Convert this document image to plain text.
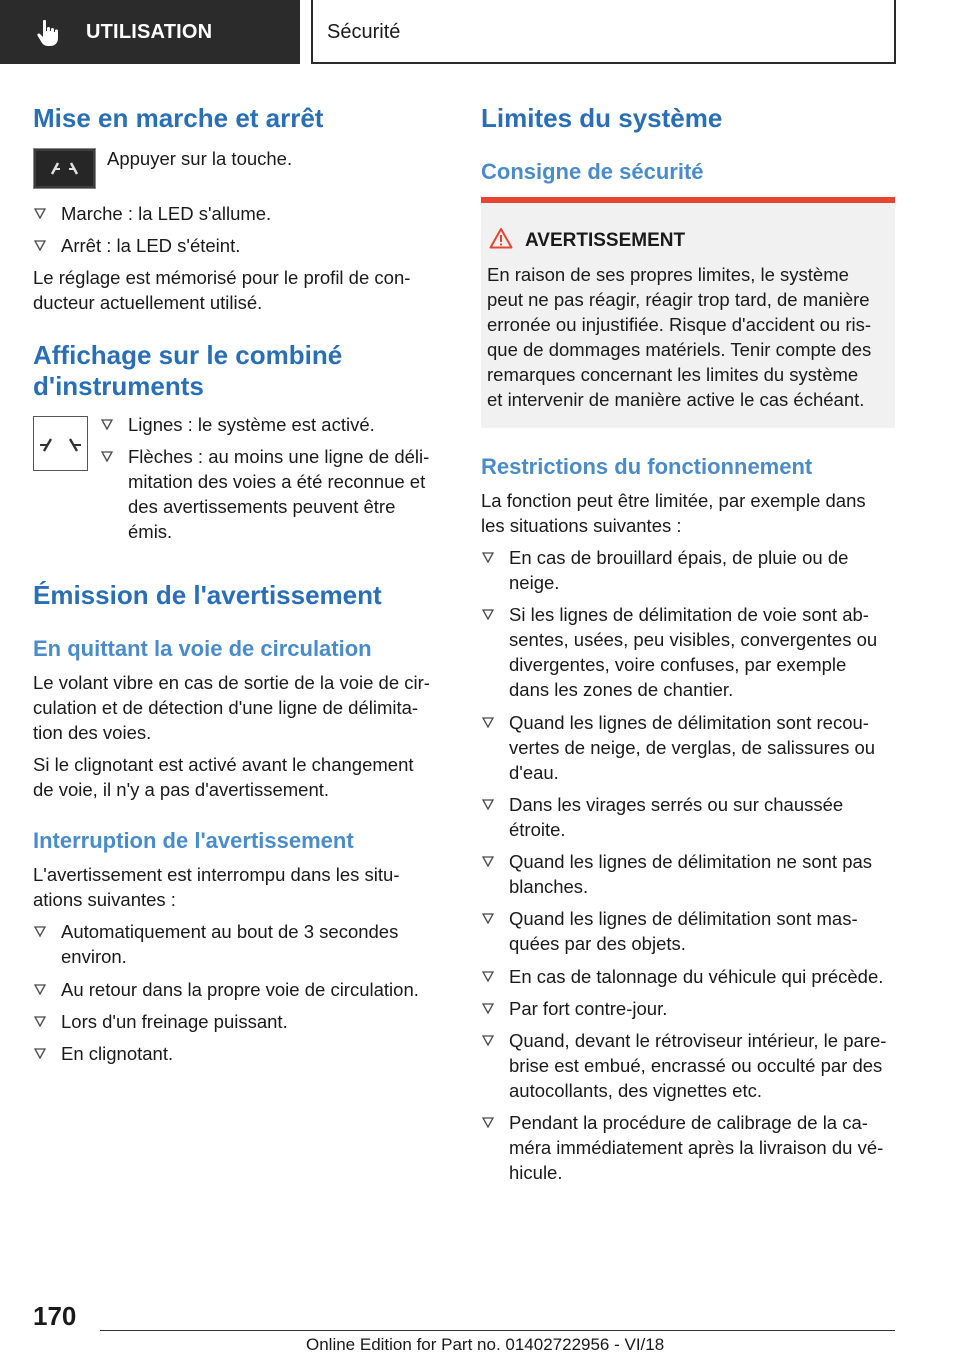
UTILISATION	Sécurité
Mise en marche et arrêt
Appuyer sur la touche.
Marche : la LED s'allume.
Arrêt : la LED s'éteint.
Le réglage est mémorisé pour le profil de con‐
ducteur actuellement utilisé.
Affichage sur le combiné
d'instruments
Lignes : le système est activé.
Flèches : au moins une ligne de déli‐
mitation des voies a été reconnue et
des avertissements peuvent être
émis.
Émission de l'avertissement
En quittant la voie de circulation
Le volant vibre en cas de sortie de la voie de cir‐
culation et de détection d'une ligne de délimita‐
tion des voies.
Si le clignotant est activé avant le changement
de voie, il n'y a pas d'avertissement.
Interruption de l'avertissement
L'avertissement est interrompu dans les situ‐
ations suivantes :
Automatiquement au bout de 3 secondes
environ.
Au retour dans la propre voie de circulation.
Lors d'un freinage puissant.
En clignotant.
Limites du système
Consigne de sécurité
AVERTISSEMENT
En raison de ses propres limites, le système
peut ne pas réagir, réagir trop tard, de manière
erronée ou injustifiée. Risque d'accident ou ris‐
que de dommages matériels. Tenir compte des
remarques concernant les limites du système
et intervenir de manière active le cas échéant.
Restrictions du fonctionnement
La fonction peut être limitée, par exemple dans
les situations suivantes :
En cas de brouillard épais, de pluie ou de
neige.
Si les lignes de délimitation de voie sont ab‐
sentes, usées, peu visibles, convergentes ou
divergentes, voire confuses, par exemple
dans les zones de chantier.
Quand les lignes de délimitation sont recou‐
vertes de neige, de verglas, de salissures ou
d'eau.
Dans les virages serrés ou sur chaussée
étroite.
Quand les lignes de délimitation ne sont pas
blanches.
Quand les lignes de délimitation sont mas‐
quées par des objets.
En cas de talonnage du véhicule qui précède.
Par fort contre-jour.
Quand, devant le rétroviseur intérieur, le pare-
brise est embué, encrassé ou occulté par des
autocollants, des vignettes etc.
Pendant la procédure de calibrage de la ca‐
méra immédiatement après la livraison du vé‐
hicule.
170
Online Edition for Part no. 01402722956 - VI/18
